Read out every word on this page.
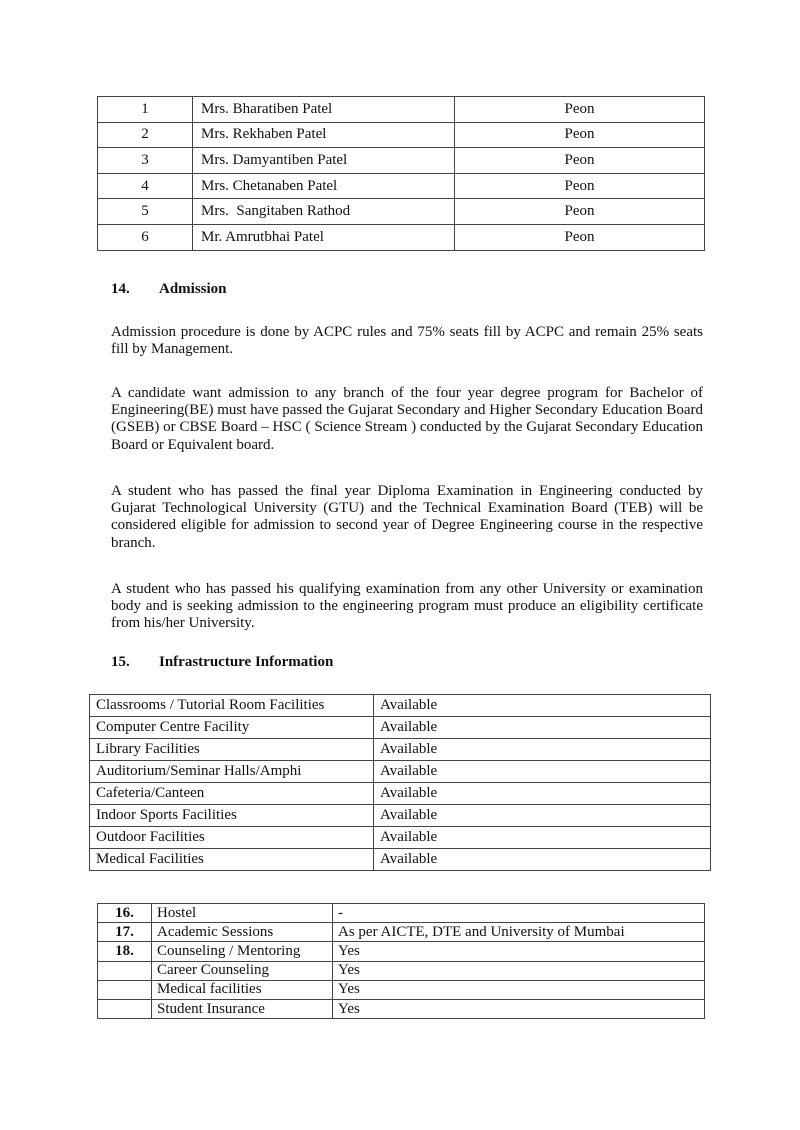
1	Mrs. Bharatiben Patel	Peon
2	Mrs. Rekhaben Patel	Peon
3	Mrs. Damyantiben Patel	Peon
4	Mrs. Chetanaben Patel	Peon
5	Mrs.  Sangitaben Rathod	Peon
6	Mr. Amrutbhai Patel	Peon
14. Admission

Admission procedure is done by ACPC rules and 75% seats fill by ACPC and remain 25% seats fill by Management.

A candidate want admission to any branch of the four year degree program for Bachelor of Engineering(BE) must have passed the Gujarat Secondary and Higher Secondary Education Board (GSEB) or CBSE Board – HSC ( Science Stream ) conducted by the Gujarat Secondary Education Board or Equivalent board.

A student who has passed the final year Diploma Examination in Engineering conducted by Gujarat Technological University (GTU) and the Technical Examination Board (TEB) will be considered eligible for admission to second year of Degree Engineering course in the respective branch.

A student who has passed his qualifying examination from any other University or examination body and is seeking admission to the engineering program must produce an eligibility certificate from his/her University.

15. Infrastructure Information
Classrooms / Tutorial Room Facilities	Available
Computer Centre Facility	Available
Library Facilities	Available
Auditorium/Seminar Halls/Amphi	Available
Cafeteria/Canteen	Available
Indoor Sports Facilities	Available
Outdoor Facilities	Available
Medical Facilities	Available
16.	Hostel	-
17.	Academic Sessions	As per AICTE, DTE and University of Mumbai
18.	Counseling / Mentoring	Yes
	Career Counseling	Yes
	Medical facilities	Yes
	Student Insurance	Yes
